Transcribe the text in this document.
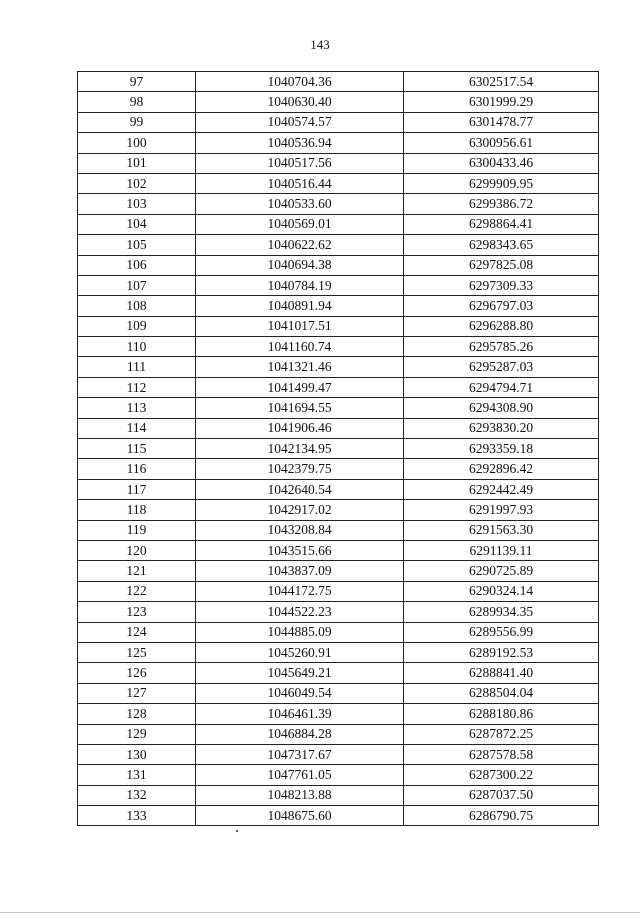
143
97	1040704.36	6302517.54
98	1040630.40	6301999.29
99	1040574.57	6301478.77
100	1040536.94	6300956.61
101	1040517.56	6300433.46
102	1040516.44	6299909.95
103	1040533.60	6299386.72
104	1040569.01	6298864.41
105	1040622.62	6298343.65
106	1040694.38	6297825.08
107	1040784.19	6297309.33
108	1040891.94	6296797.03
109	1041017.51	6296288.80
110	1041160.74	6295785.26
111	1041321.46	6295287.03
112	1041499.47	6294794.71
113	1041694.55	6294308.90
114	1041906.46	6293830.20
115	1042134.95	6293359.18
116	1042379.75	6292896.42
117	1042640.54	6292442.49
118	1042917.02	6291997.93
119	1043208.84	6291563.30
120	1043515.66	6291139.11
121	1043837.09	6290725.89
122	1044172.75	6290324.14
123	1044522.23	6289934.35
124	1044885.09	6289556.99
125	1045260.91	6289192.53
126	1045649.21	6288841.40
127	1046049.54	6288504.04
128	1046461.39	6288180.86
129	1046884.28	6287872.25
130	1047317.67	6287578.58
131	1047761.05	6287300.22
132	1048213.88	6287037.50
133	1048675.60	6286790.75
